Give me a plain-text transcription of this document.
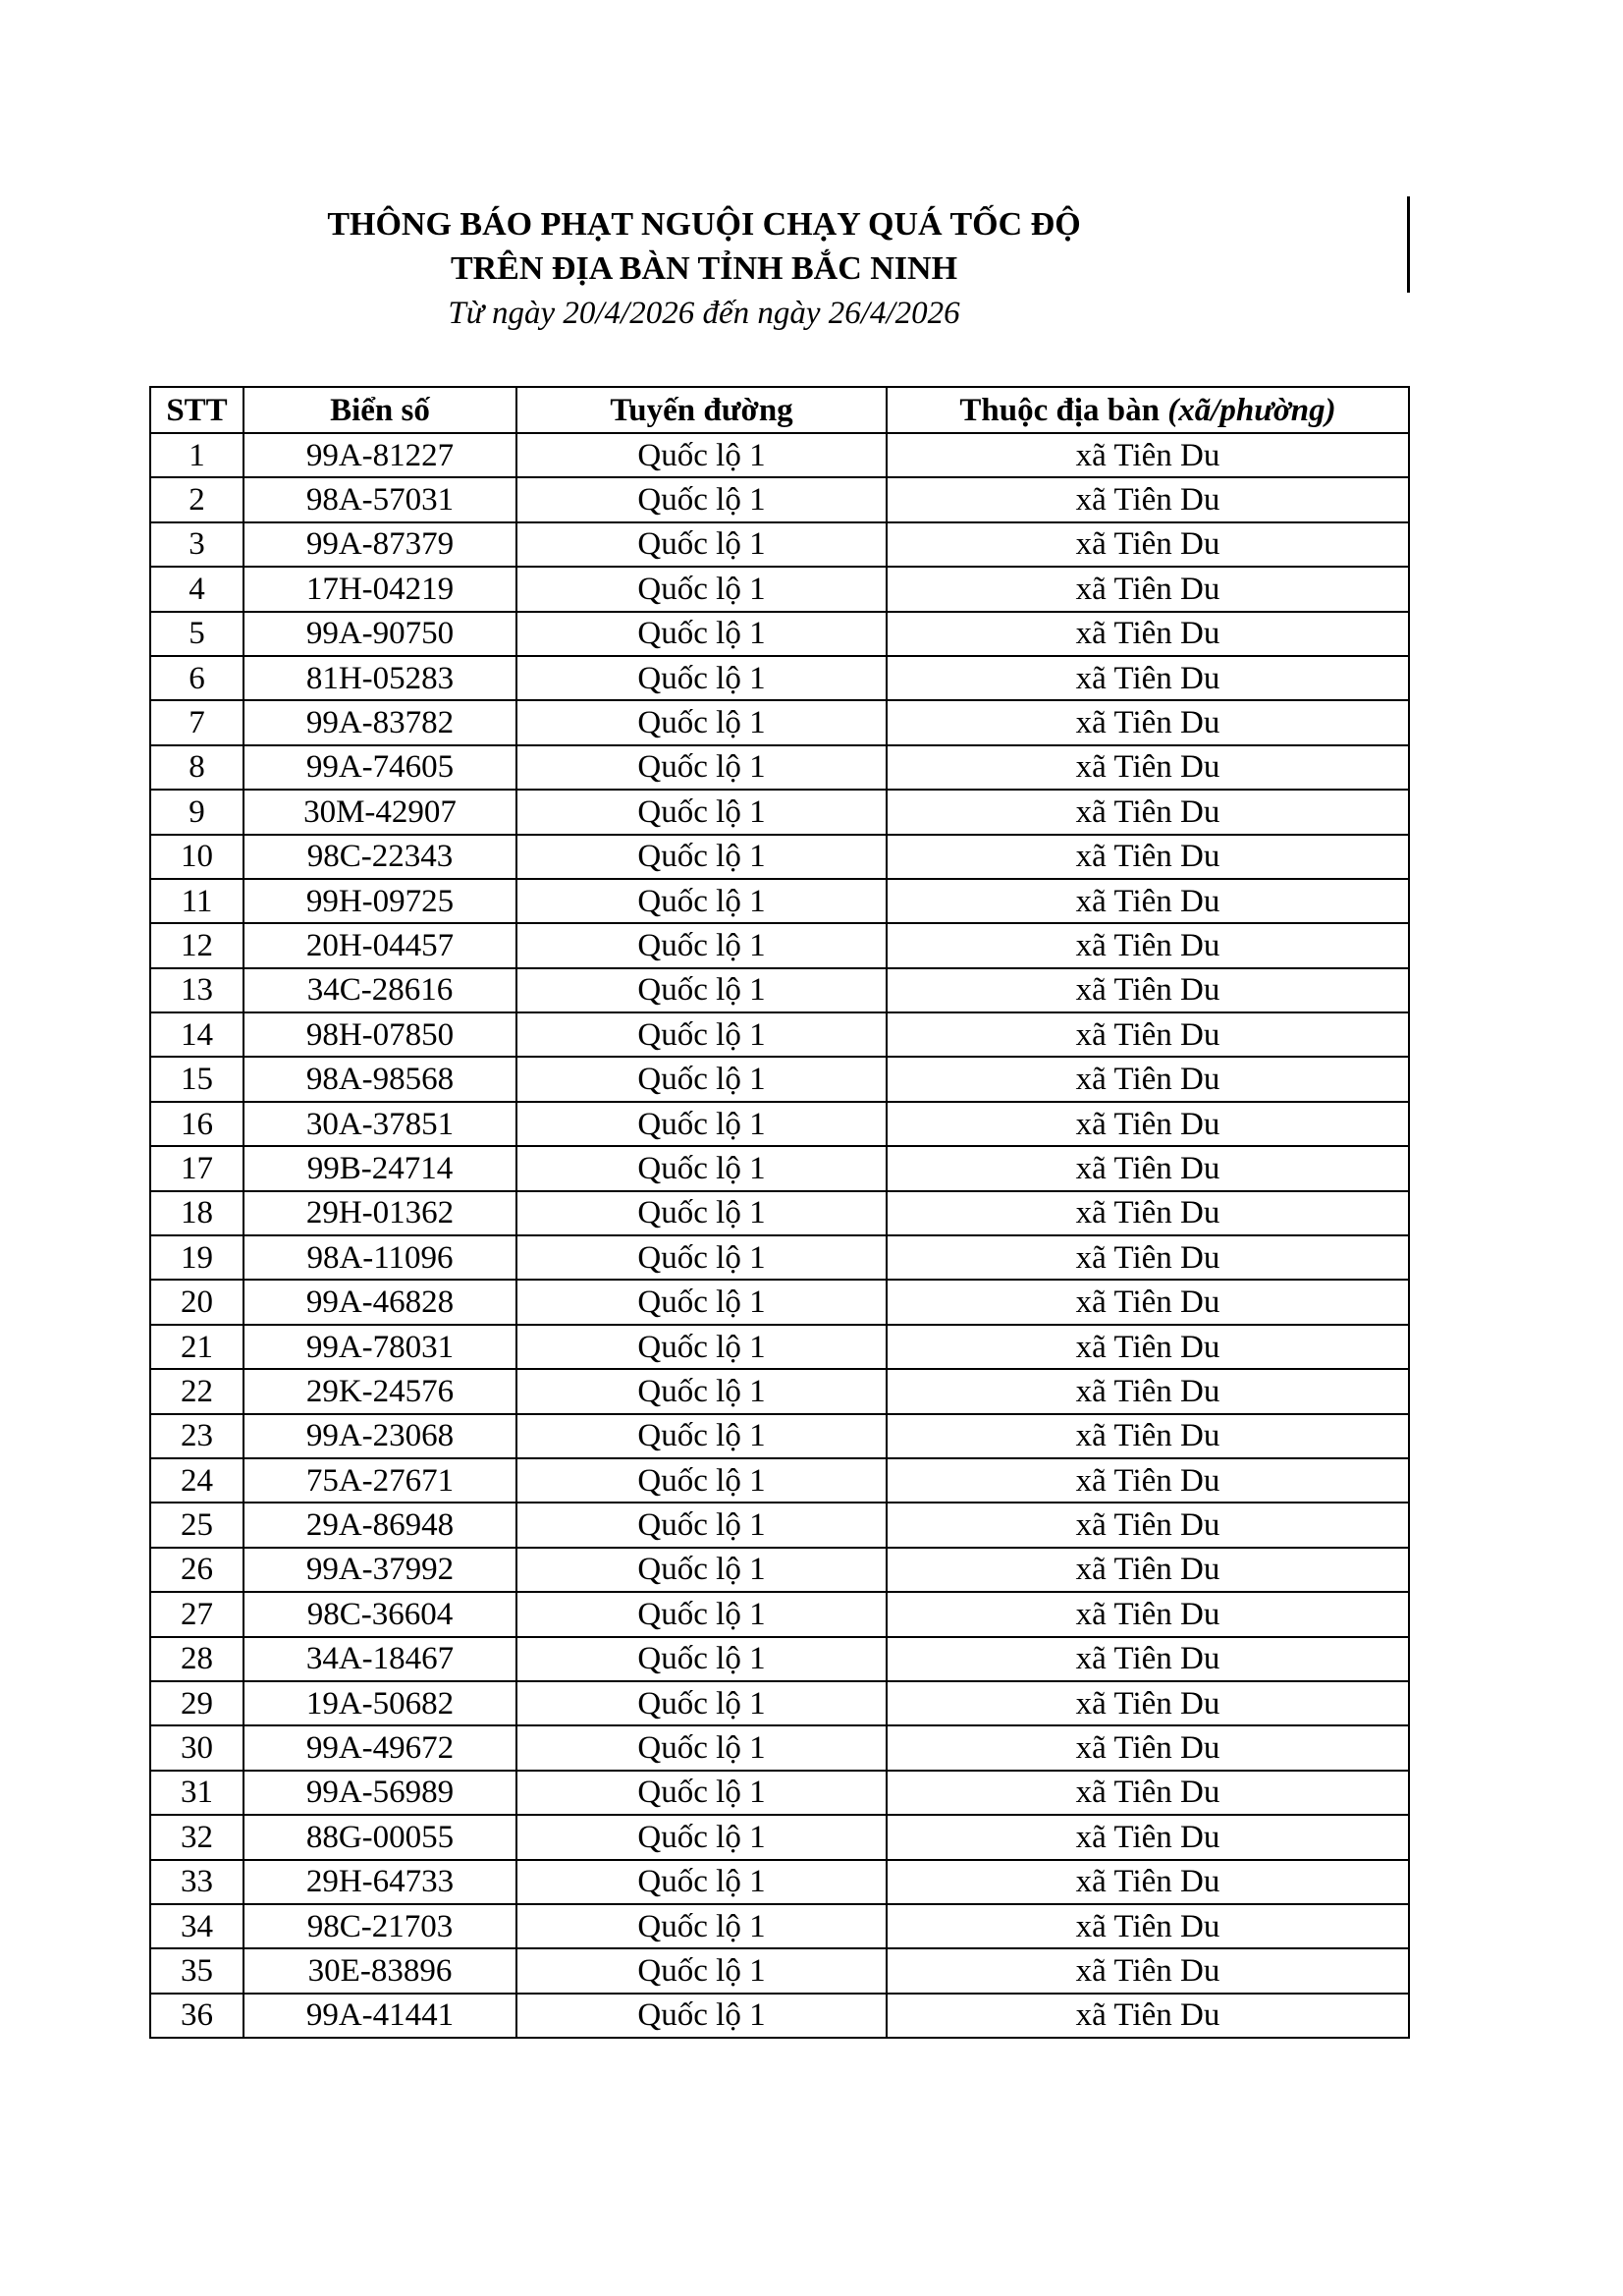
THÔNG BÁO PHẠT NGUỘI CHẠY QUÁ TỐC ĐỘ

TRÊN ĐỊA BÀN TỈNH BẮC NINH

Từ ngày 20/4/2026 đến ngày 26/4/2026

STT	Biển số	Tuyến đường	Thuộc địa bàn (xã/phường)
1	99A-81227	Quốc lộ 1	xã Tiên Du
2	98A-57031	Quốc lộ 1	xã Tiên Du
3	99A-87379	Quốc lộ 1	xã Tiên Du
4	17H-04219	Quốc lộ 1	xã Tiên Du
5	99A-90750	Quốc lộ 1	xã Tiên Du
6	81H-05283	Quốc lộ 1	xã Tiên Du
7	99A-83782	Quốc lộ 1	xã Tiên Du
8	99A-74605	Quốc lộ 1	xã Tiên Du
9	30M-42907	Quốc lộ 1	xã Tiên Du
10	98C-22343	Quốc lộ 1	xã Tiên Du
11	99H-09725	Quốc lộ 1	xã Tiên Du
12	20H-04457	Quốc lộ 1	xã Tiên Du
13	34C-28616	Quốc lộ 1	xã Tiên Du
14	98H-07850	Quốc lộ 1	xã Tiên Du
15	98A-98568	Quốc lộ 1	xã Tiên Du
16	30A-37851	Quốc lộ 1	xã Tiên Du
17	99B-24714	Quốc lộ 1	xã Tiên Du
18	29H-01362	Quốc lộ 1	xã Tiên Du
19	98A-11096	Quốc lộ 1	xã Tiên Du
20	99A-46828	Quốc lộ 1	xã Tiên Du
21	99A-78031	Quốc lộ 1	xã Tiên Du
22	29K-24576	Quốc lộ 1	xã Tiên Du
23	99A-23068	Quốc lộ 1	xã Tiên Du
24	75A-27671	Quốc lộ 1	xã Tiên Du
25	29A-86948	Quốc lộ 1	xã Tiên Du
26	99A-37992	Quốc lộ 1	xã Tiên Du
27	98C-36604	Quốc lộ 1	xã Tiên Du
28	34A-18467	Quốc lộ 1	xã Tiên Du
29	19A-50682	Quốc lộ 1	xã Tiên Du
30	99A-49672	Quốc lộ 1	xã Tiên Du
31	99A-56989	Quốc lộ 1	xã Tiên Du
32	88G-00055	Quốc lộ 1	xã Tiên Du
33	29H-64733	Quốc lộ 1	xã Tiên Du
34	98C-21703	Quốc lộ 1	xã Tiên Du
35	30E-83896	Quốc lộ 1	xã Tiên Du
36	99A-41441	Quốc lộ 1	xã Tiên Du
